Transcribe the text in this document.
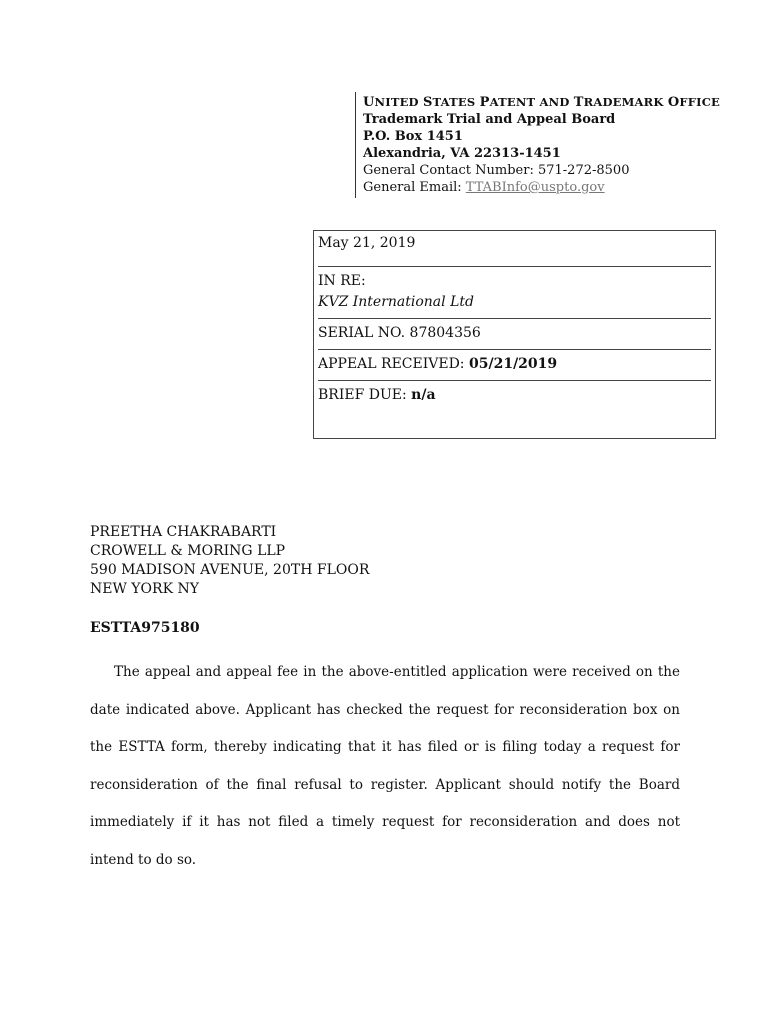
UNITED STATES PATENT AND TRADEMARK OFFICE
Trademark Trial and Appeal Board
P.O. Box 1451
Alexandria, VA 22313-1451
General Contact Number: 571-272-8500
General Email: TTABInfo@uspto.gov
May 21, 2019
IN RE:
KVZ International Ltd
SERIAL NO. 87804356
APPEAL RECEIVED: 05/21/2019
BRIEF DUE: n/a
PREETHA CHAKRABARTI
CROWELL & MORING LLP
590 MADISON AVENUE, 20TH FLOOR
NEW YORK NY
ESTTA975180

The appeal and appeal fee in the above-entitled application were received on the date indicated above. Applicant has checked the request for reconsideration box on the ESTTA form, thereby indicating that it has filed or is filing today a request for reconsideration of the final refusal to register. Applicant should notify the Board immediately if it has not filed a timely request for reconsideration and does not intend to do so.
